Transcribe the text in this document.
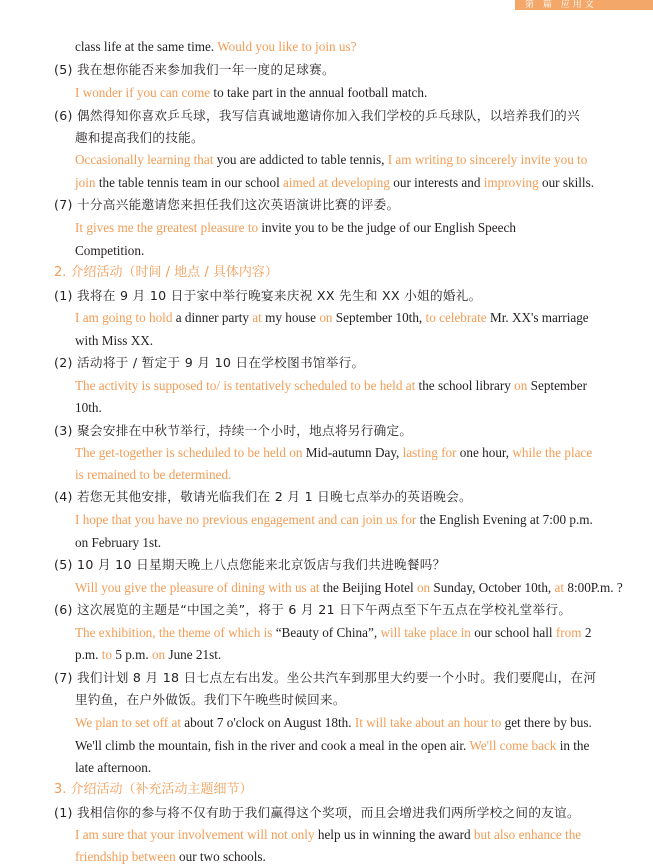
第 篇 应用文
class life at the same time. Would you like to join us?
(5) 我在想你能否来参加我们一年一度的足球赛。
I wonder if you can come to take part in the annual football match.
(6) 偶然得知你喜欢乒乓球，我写信真诚地邀请你加入我们学校的乒乓球队，以培养我们的兴
趣和提高我们的技能。
Occasionally learning that you are addicted to table tennis, I am writing to sincerely invite you to
join the table tennis team in our school aimed at developing our interests and improving our skills.
(7) 十分高兴能邀请您来担任我们这次英语演讲比赛的评委。
It gives me the greatest pleasure to invite you to be the judge of our English Speech
Competition.
2. 介绍活动（时间 / 地点 / 具体内容）
(1) 我将在 9 月 10 日于家中举行晚宴来庆祝 XX 先生和 XX 小姐的婚礼。
I am going to hold a dinner party at my house on September 10th, to celebrate Mr. XX's marriage
with Miss XX.
(2) 活动将于 / 暂定于 9 月 10 日在学校图书馆举行。
The activity is supposed to/ is tentatively scheduled to be held at the school library on September
10th.
(3) 聚会安排在中秋节举行，持续一个小时，地点将另行确定。
The get-together is scheduled to be held on Mid-autumn Day, lasting for one hour, while the place
is remained to be determined.
(4) 若您无其他安排，敬请光临我们在 2 月 1 日晚七点举办的英语晚会。
I hope that you have no previous engagement and can join us for the English Evening at 7:00 p.m.
on February 1st.
(5) 10 月 10 日星期天晚上八点您能来北京饭店与我们共进晚餐吗？
Will you give the pleasure of dining with us at the Beijing Hotel on Sunday, October 10th, at 8:00P.m. ?
(6) 这次展览的主题是“中国之美”，将于 6 月 21 日下午两点至下午五点在学校礼堂举行。
The exhibition, the theme of which is “Beauty of China”, will take place in our school hall from 2
p.m. to 5 p.m. on June 21st.
(7) 我们计划 8 月 18 日七点左右出发。坐公共汽车到那里大约要一个小时。我们要爬山，在河
里钓鱼，在户外做饭。我们下午晚些时候回来。
We plan to set off at about 7 o'clock on August 18th. It will take about an hour to get there by bus.
We'll climb the mountain, fish in the river and cook a meal in the open air. We'll come back in the
late afternoon.
3. 介绍活动（补充活动主题细节）
(1) 我相信你的参与将不仅有助于我们赢得这个奖项，而且会增进我们两所学校之间的友谊。
I am sure that your involvement will not only help us in winning the award but also enhance the
friendship between our two schools.
